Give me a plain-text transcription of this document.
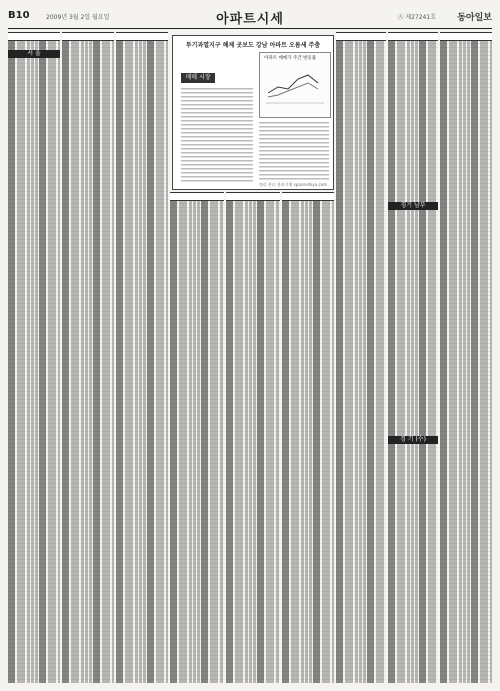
B10	2009년 3월 2일 월요일	아파트시세	Ⓐ 제27241호 동아일보
서 울
투기과열지구 해제 곳보도 강남 아파트 오름세 주춤
매매 시장
아파트 매매가 주간 변동률
정리 본디 홍보기획 spaceishiyu.com
경기 남부
경 기 (수)
